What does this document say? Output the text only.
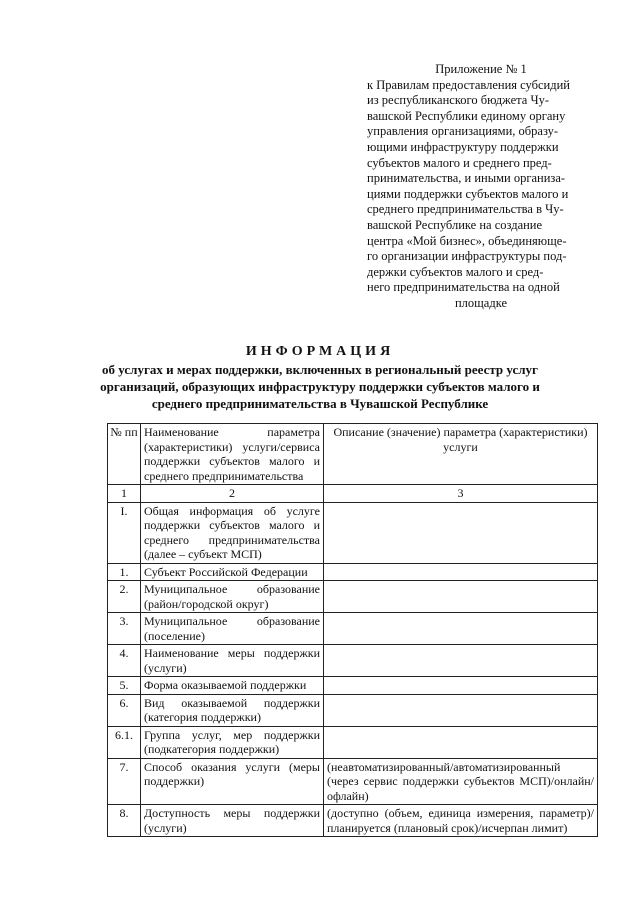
Приложение № 1
к Правилам предоставления субсидий
из республиканского бюджета Чу-
вашской Республики единому органу
управления организациями, образу-
ющими инфраструктуру поддержки
субъектов малого и среднего пред-
принимательства, и иными организа-
циями поддержки субъектов малого и
среднего предпринимательства в Чу-
вашской Республике на создание
центра «Мой бизнес», объединяюще-
го организации инфраструктуры под-
держки субъектов малого и сред-
него предпринимательства на одной
площадке
ИНФОРМАЦИЯ
об услугах и мерах поддержки, включенных в региональный реестр услуг
организаций, образующих инфраструктуру поддержки субъектов малого и
среднего предпринимательства в Чувашской Республике
№ пп	Наименование параметра (характеристики) услуги/сервиса поддержки субъектов малого и среднего предпринимательства	Описание (значение) параметра (характеристики) услуги
1	2	3
I.	Общая информация об услуге поддержки субъектов малого и среднего предпринимательства (далее – субъект МСП)	
1.	Субъект Российской Федерации	
2.	Муниципальное образование (район/городской округ)	
3.	Муниципальное образование (поселение)	
4.	Наименование меры поддержки (услуги)	
5.	Форма оказываемой поддержки	
6.	Вид оказываемой поддержки (категория поддержки)	
6.1.	Группа услуг, мер поддержки (подкатегория поддержки)	
7.	Способ оказания услуги (меры поддержки)	(неавтоматизированный/автоматизированный (через сервис поддержки субъектов МСП)/онлайн/офлайн)
8.	Доступность меры поддержки (услуги)	(доступно (объем, единица измерения, параметр)/планируется (плановый срок)/исчерпан лимит)
